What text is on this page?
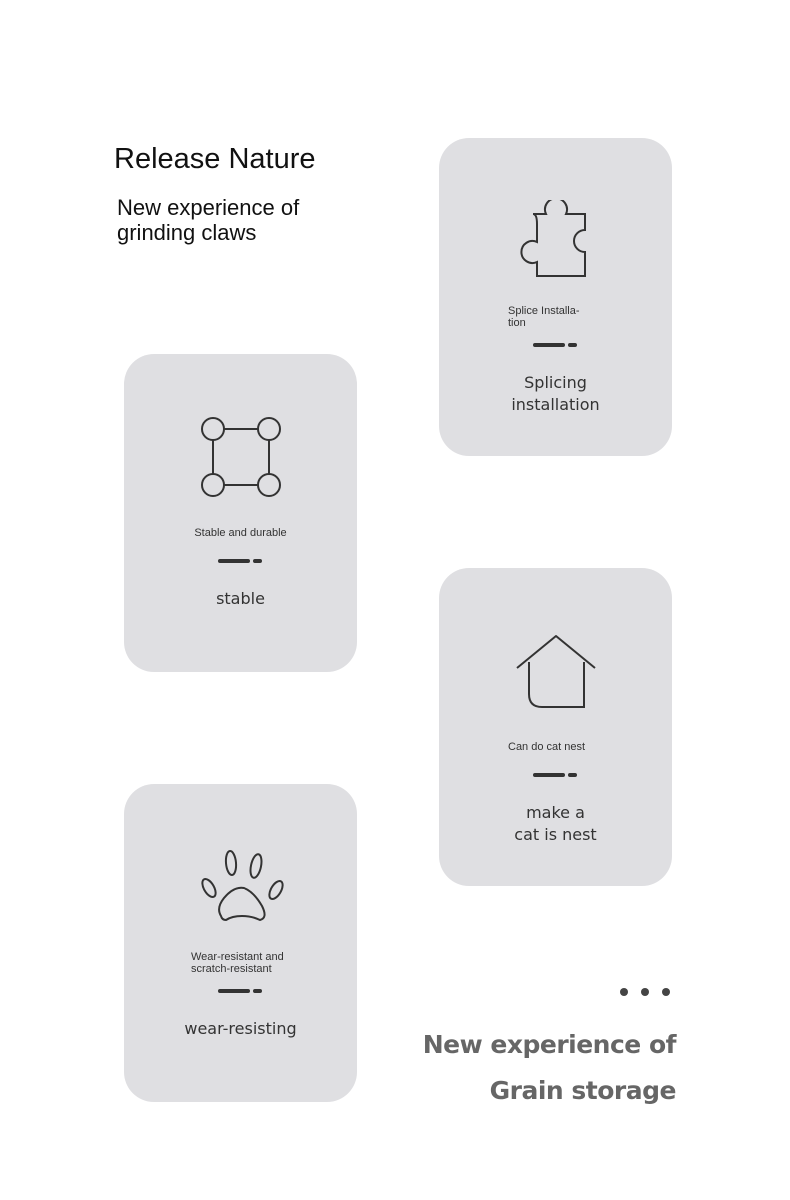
Release Nature

New experience of grinding claws

Splice Installa-
tion
Splicing
installation
Stable and durable
stable
Can do cat nest
make a
cat is nest
Wear-resistant and
scratch-resistant
wear-resisting
New experience of
Grain storage
